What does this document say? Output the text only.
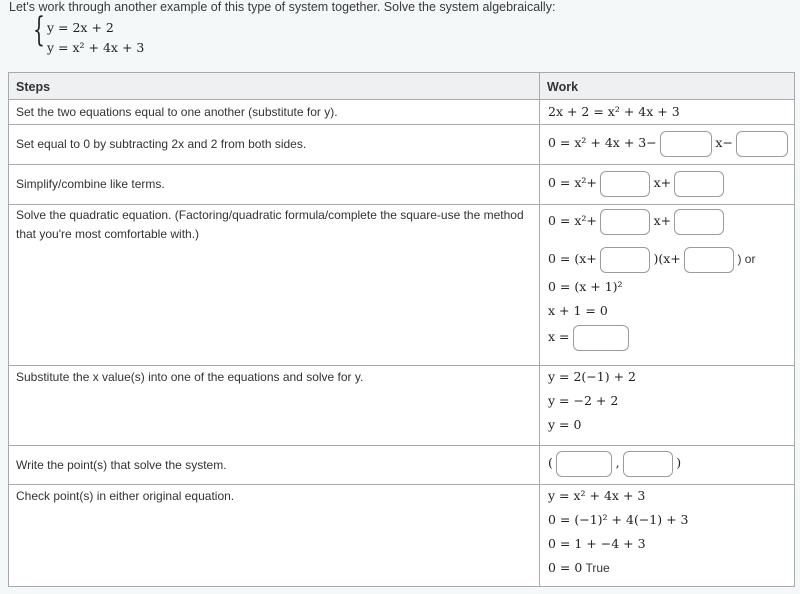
Let's work through another example of this type of system together. Solve the system algebraically:
{ y = 2x + 2
y = x² + 4x + 3
Steps	Work

Set the two equations equal to one another (substitute for y).	2x + 2 = x² + 4x + 3

Set equal to 0 by subtracting 2x and 2 from both sides.	0 = x² + 4x + 3− x−

Simplify/combine like terms.	0 = x²+ x+

Solve the quadratic equation. (Factoring/quadratic formula/complete the square-use the method that you're most comfortable with.)	0 = x²+ x+
0 = (x+ )(x+ ) or
0 = (x + 1)²
x + 1 = 0
x =

Substitute the x value(s) into one of the equations and solve for y.	y = 2(−1) + 2
y = −2 + 2
y = 0

Write the point(s) that solve the system.	( , )

Check point(s) in either original equation.	y = x² + 4x + 3
0 = (−1)² + 4(−1) + 3
0 = 1 + −4 + 3
0 = 0 True
